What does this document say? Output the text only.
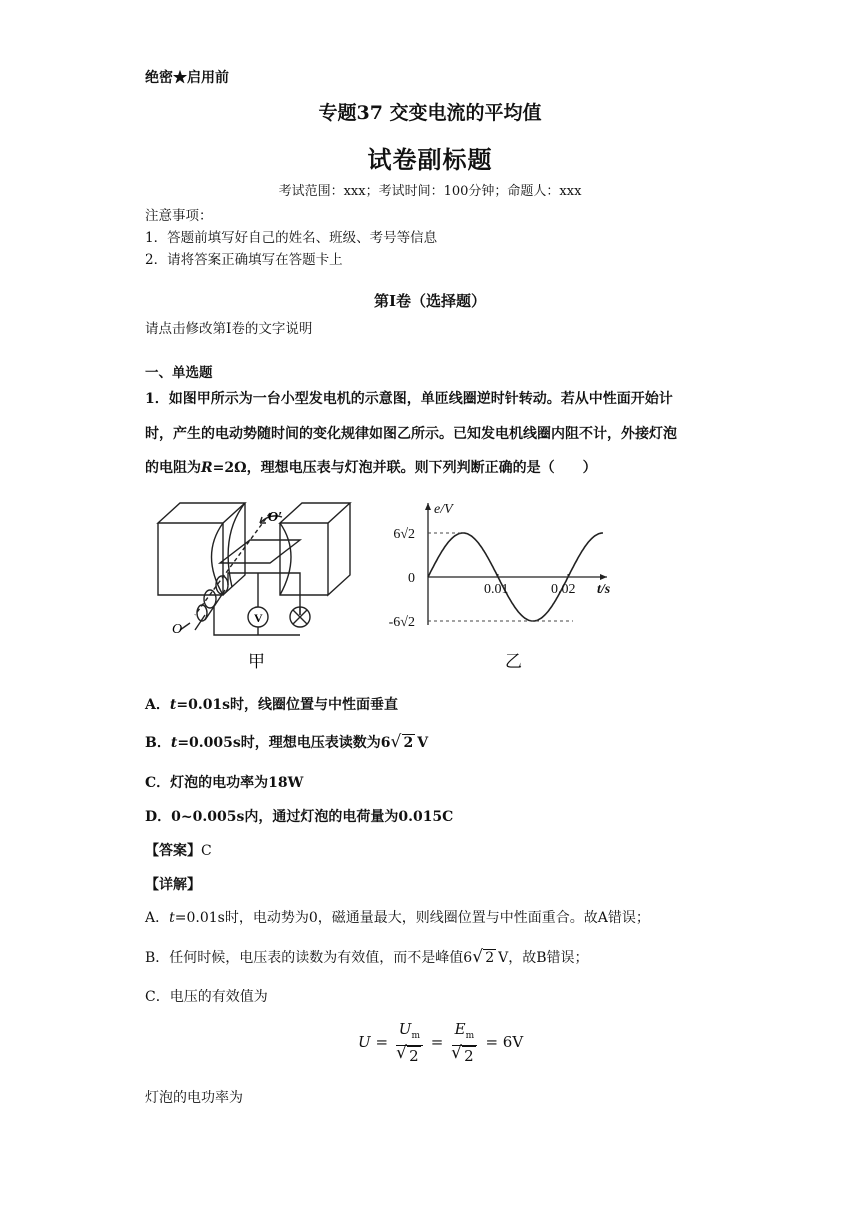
绝密★启用前
专题37 交变电流的平均值
试卷副标题
考试范围：xxx；考试时间：100分钟；命题人：xxx
注意事项：
1．答题前填写好自己的姓名、班级、考号等信息
2．请将答案正确填写在答题卡上
第I卷（选择题）
请点击修改第I卷的文字说明
一、单选题
1．如图甲所示为一台小型发电机的示意图，单匝线圈逆时针转动。若从中性面开始计
时，产生的电动势随时间的变化规律如图乙所示。已知发电机线圈内阻不计，外接灯泡
的电阻为R=2Ω，理想电压表与灯泡并联。则下列判断正确的是（　　）
V
O′
O
甲
0.01	0.02
6√2
0
-6√2
t/s
e/V
乙
A．t=0.01s时，线圈位置与中性面垂直
B．t=0.005s时，理想电压表读数为6 √ 2 V
C．灯泡的电功率为18W
D．0~0.005s内，通过灯泡的电荷量为0.015C
【答案】C
【详解】
A．t=0.01s时，电动势为0，磁通量最大，则线圈位置与中性面重合。故A错误；
B．任何时候，电压表的读数为有效值，而不是峰值6 √ 2 V，故B错误；
C．电压的有效值为
$U = U_m$
√ $2 = E_m$
√ 2 = 6V
灯泡的电功率为
